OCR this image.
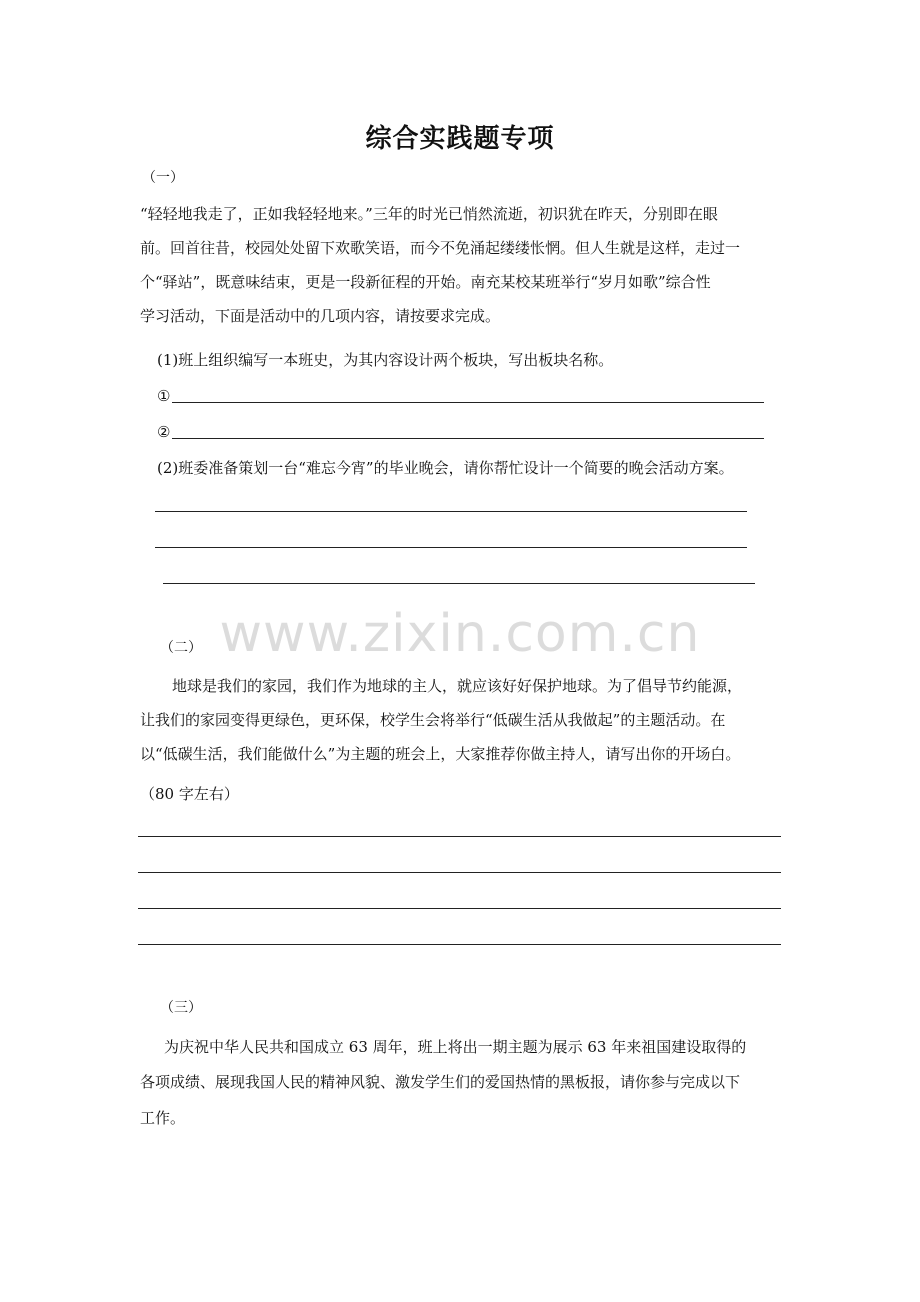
综合实践题专项
（一）
“轻轻地我走了，正如我轻轻地来。”三年的时光已悄然流逝，初识犹在昨天，分别即在眼
前。回首往昔，校园处处留下欢歌笑语，而今不免涌起缕缕怅惘。但人生就是这样，走过一
个“驿站”，既意味结束，更是一段新征程的开始。南充某校某班举行“岁月如歌”综合性
学习活动，下面是活动中的几项内容，请按要求完成。
(1)班上组织编写一本班史，为其内容设计两个板块，写出板块名称。
①
②
(2)班委准备策划一台“难忘今宵”的毕业晚会，请你帮忙设计一个简要的晚会活动方案。
www.zixin.com.cn
（二）
地球是我们的家园，我们作为地球的主人，就应该好好保护地球。为了倡导节约能源，
让我们的家园变得更绿色，更环保，校学生会将举行“低碳生活从我做起”的主题活动。在
以“低碳生活，我们能做什么”为主题的班会上，大家推荐你做主持人，请写出你的开场白。
（80 字左右）
（三）
为庆祝中华人民共和国成立 63 周年，班上将出一期主题为展示 63 年来祖国建设取得的
各项成绩、展现我国人民的精神风貌、激发学生们的爱国热情的黑板报，请你参与完成以下
工作。
